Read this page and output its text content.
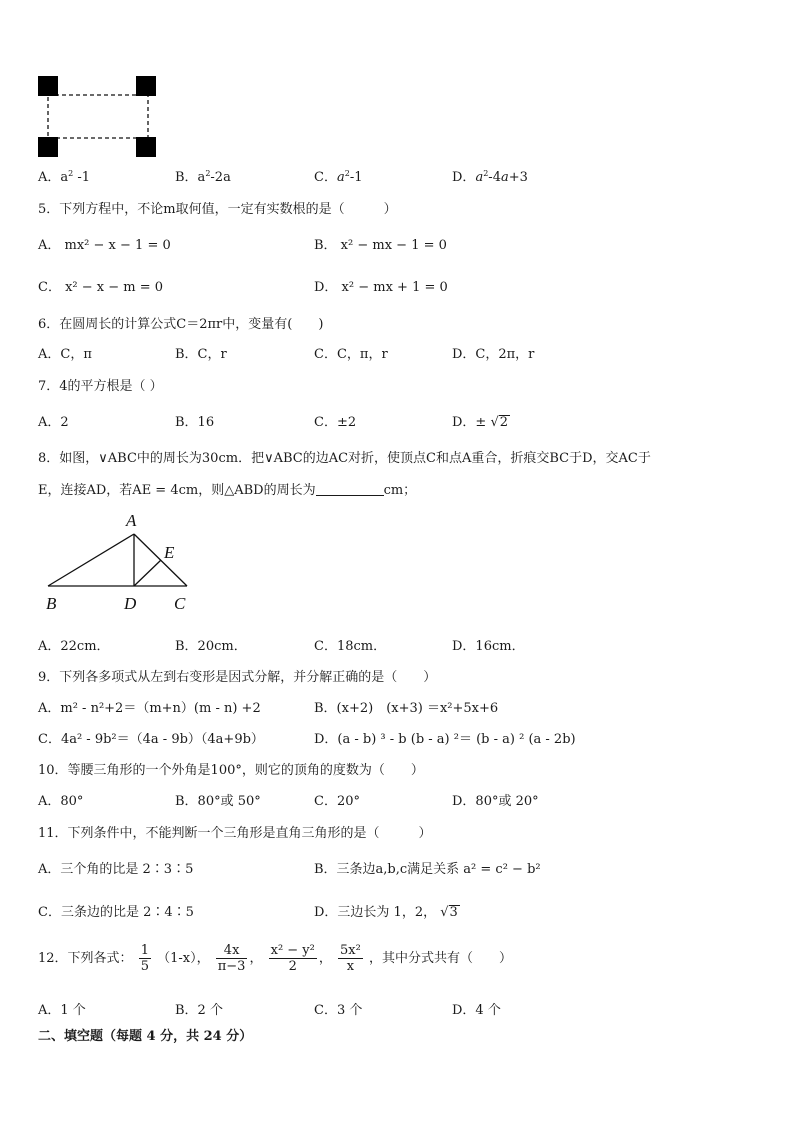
A．$a^2$ -1	B．$a^2-2a$	C．$a^2-1$	D．$a^2-4a+3$
5．下列方程中，不论m取何值，一定有实数根的是（　　　）
A． mx² − x − 1 = 0	B． x² − mx − 1 = 0
C． x² − x − m = 0	D． x² − mx + 1 = 0
6．在圆周长的计算公式C＝2πr中，变量有(　　)
A．C，π	B．C，r	C．C，π，r	D．C，2π，r
7．4的平方根是（ ）
A．2	B．16	C．±2	D．± √2
8．如图，∨ABC中的周长为30cm．把∨ABC的边AC对折，使顶点C和点A重合，折痕交BC于D，交AC于
E，连接AD，若AE = 4cm，则△ABD的周长为	cm；
A
B	C
D
E
A．22cm．	B．20cm．	C．18cm．	D．16cm．
9．下列各多项式从左到右变形是因式分解，并分解正确的是（　　）
A．m² - n²+2＝（m+n）(m - n) +2	B．(x+2)　(x+3) ＝x²+5x+6
C．4a² - 9b²＝（4a - 9b）（4a+9b）	D．(a - b) ³ - b (b - a) ²＝ (b - a) ² (a - 2b)
10．等腰三角形的一个外角是100°，则它的顶角的度数为（　　）
A．80°	B．80°或 50°	C．20°	D．80°或 20°
11．下列条件中，不能判断一个三角形是直角三角形的是（　　　）
A．三个角的比是 2∶3∶5	B．三条边a,b,c满足关系 a² = c² − b²
C．三条边的比是 2∶4∶5	D．三边长为 1，2， √3
12．下列各式： $\frac{1}{5} (1-x)$， $\frac{4x}{\pi-3}$ ， $\frac{\text{x² − y²}}{2}$ ， $\frac{\text{5x²}}{x}$ ，其中分式共有（　　）
A．1 个	B．2 个	C．3 个	D．4 个
二、填空题（每题 4 分，共 24 分）
